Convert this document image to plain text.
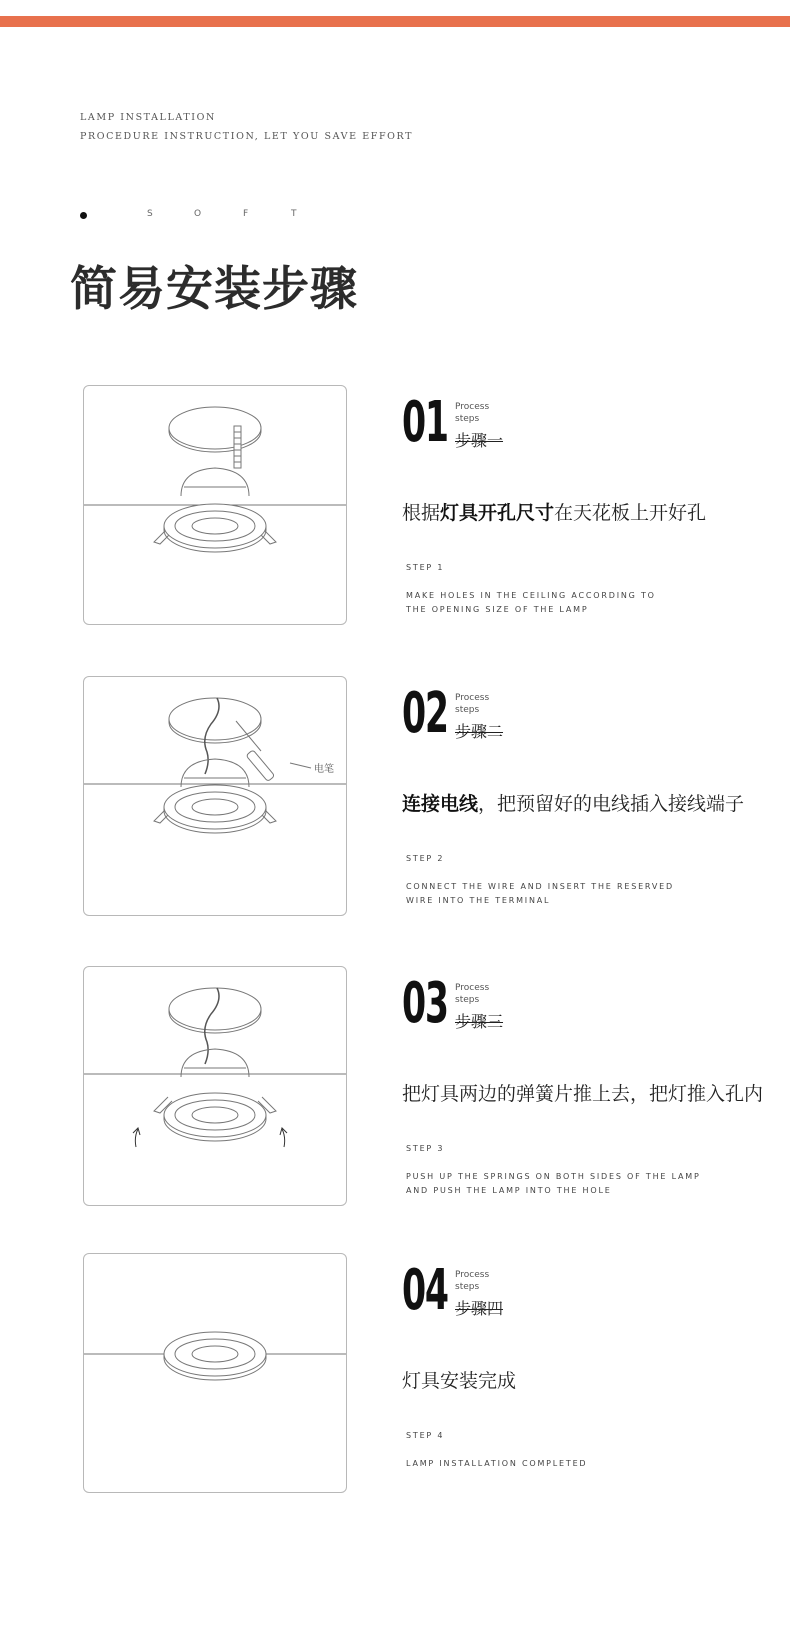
LAMP INSTALLATION
PROCEDURE INSTRUCTION, LET YOU SAVE EFFORT
S	O	F	T
简易安装步骤
01 Process
steps
步骤一
根据灯具开孔尺寸在天花板上开好孔
STEP 1
MAKE HOLES IN THE CEILING ACCORDING TO
THE OPENING SIZE OF THE LAMP
电笔
02 Process
steps
步骤二
连接电线，把预留好的电线插入接线端子
STEP 2
CONNECT THE WIRE AND INSERT THE RESERVED
WIRE INTO THE TERMINAL
03 Process
steps
步骤三
把灯具两边的弹簧片推上去，把灯推入孔内
STEP 3
PUSH UP THE SPRINGS ON BOTH SIDES OF THE LAMP
AND PUSH THE LAMP INTO THE HOLE
04 Process
steps
步骤四
灯具安装完成
STEP 4
LAMP INSTALLATION COMPLETED
